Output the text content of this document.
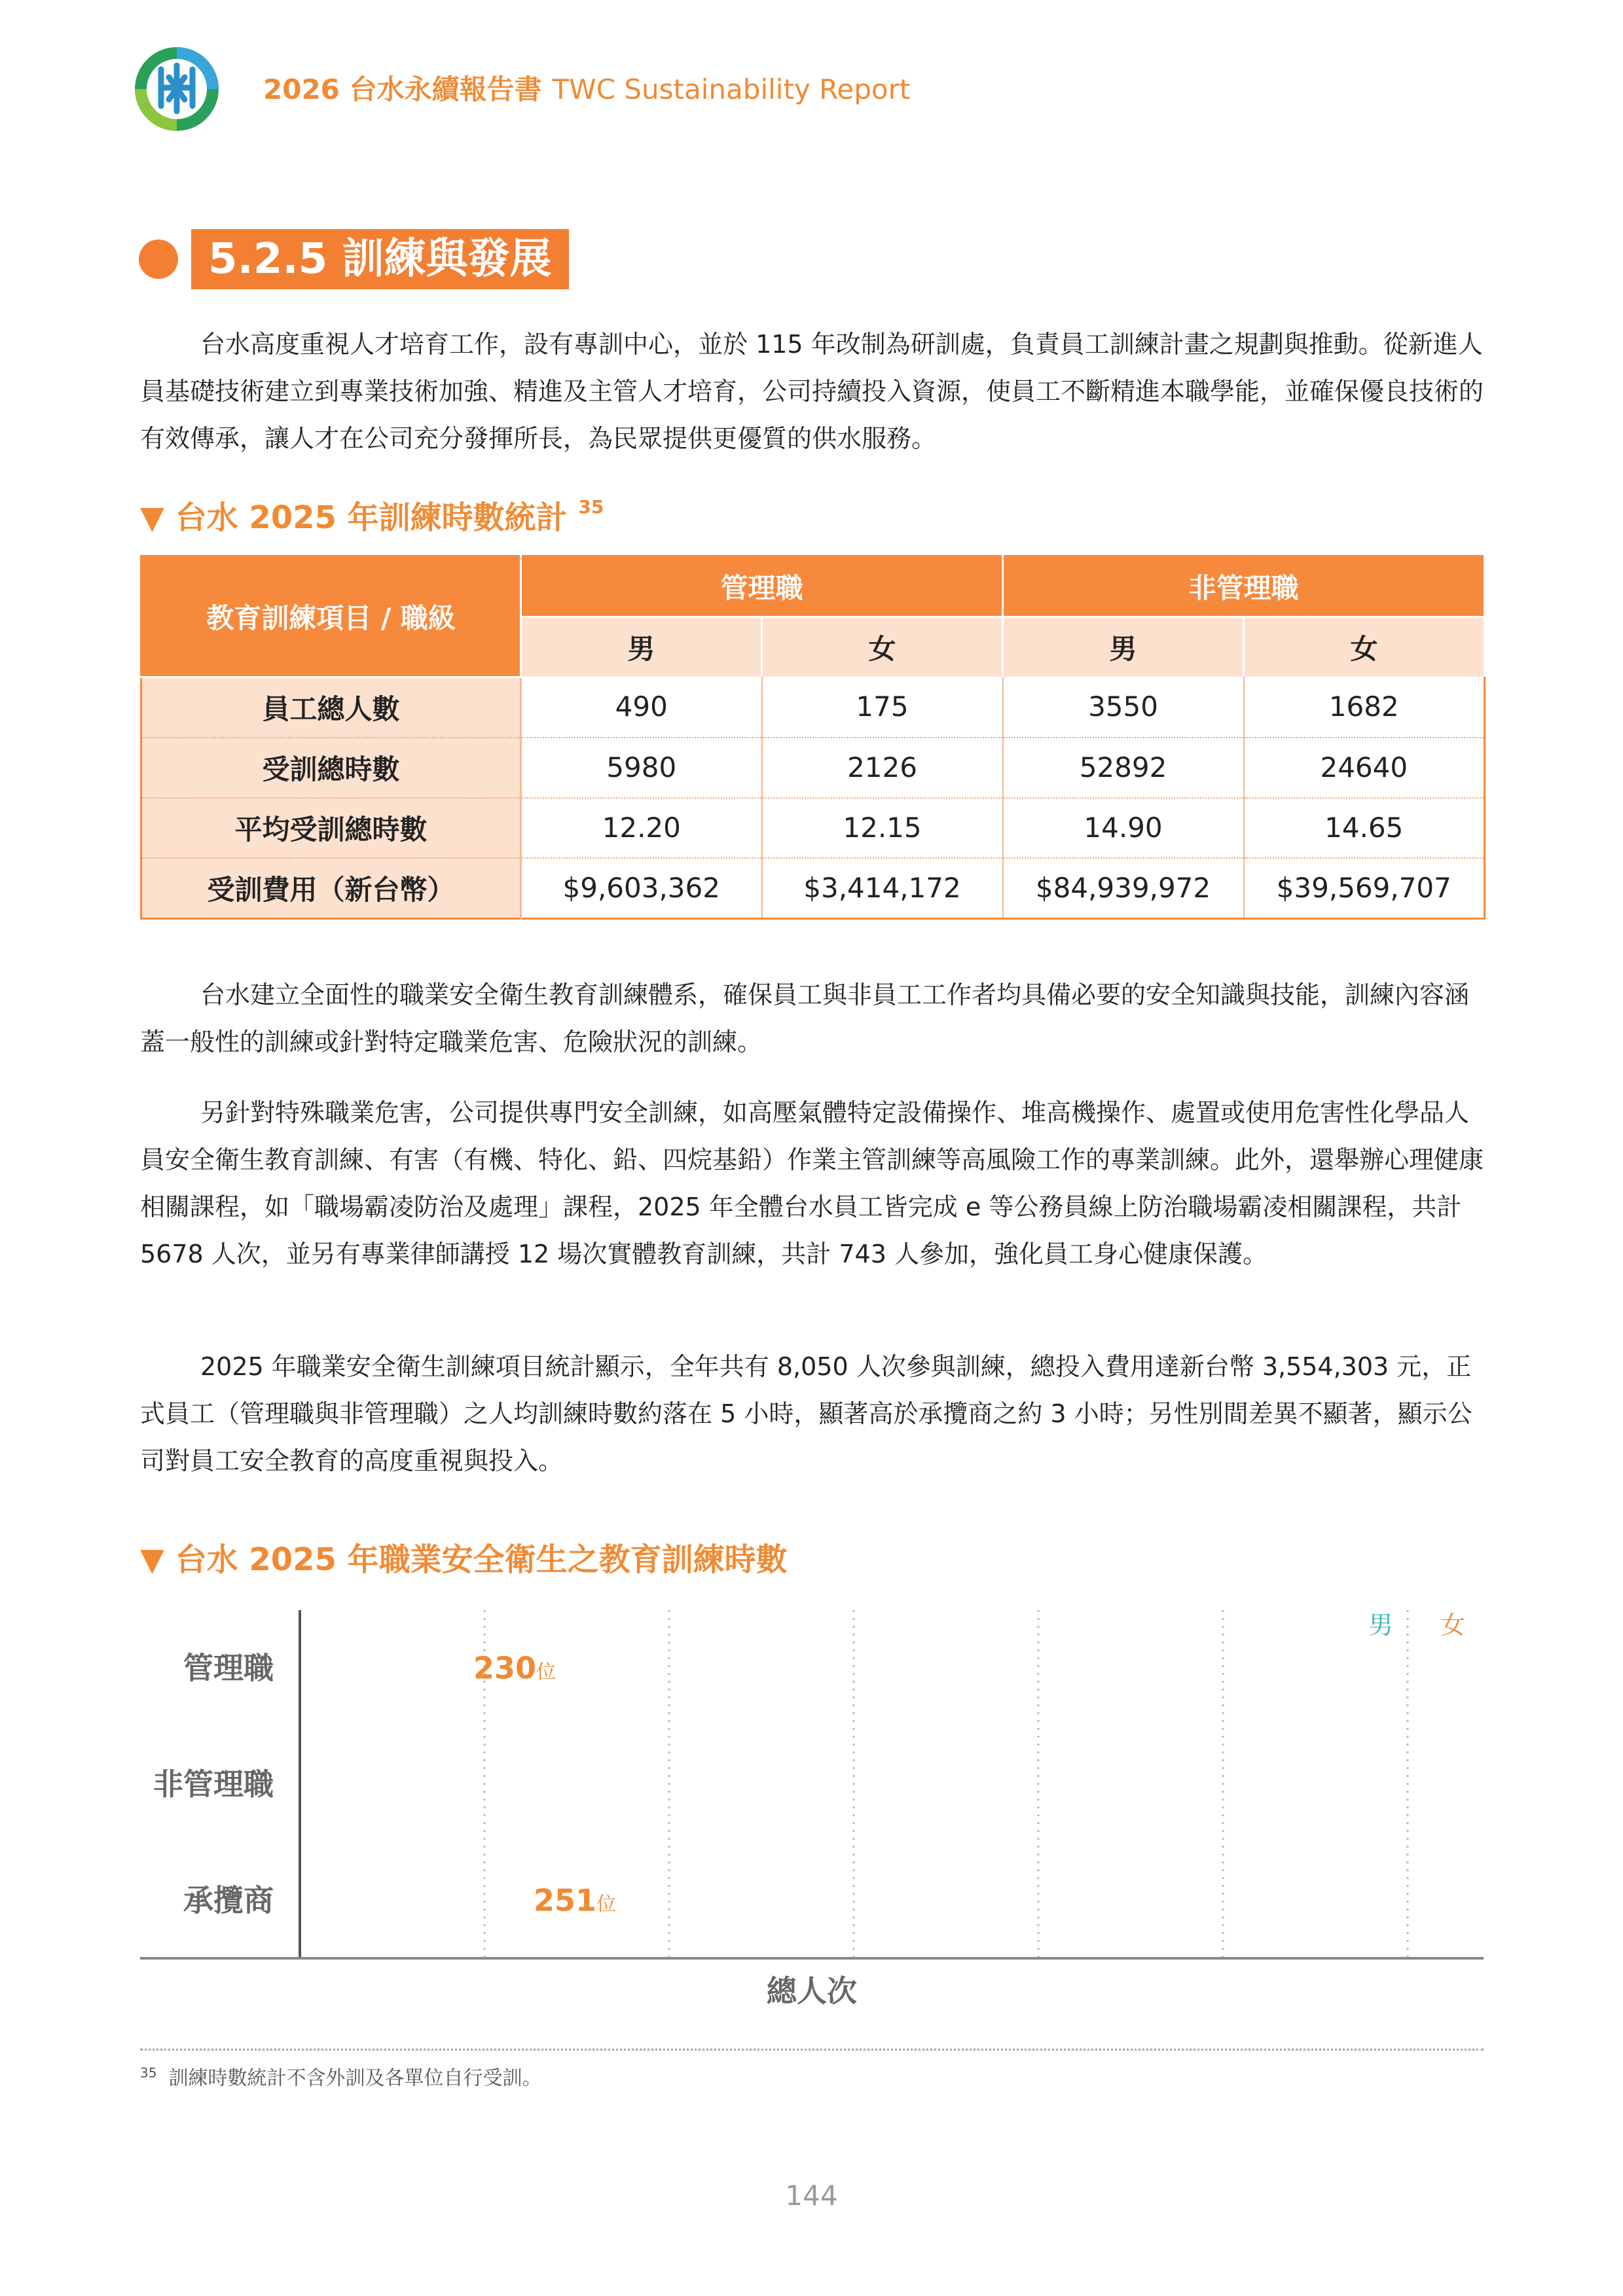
2026 台水永續報告書 TWC Sustainability Report
5.2.5 訓練與發展
台水高度重視人才培育工作，設有專訓中心，並於 115 年改制為研訓處，負責員工訓練計畫之規劃與推動。從新進人員基礎技術建立到專業技術加強、精進及主管人才培育，公司持續投入資源，使員工不斷精進本職學能，並確保優良技術的有效傳承，讓人才在公司充分發揮所長，為民眾提供更優質的供水服務。
▼ 台水 2025 年訓練時數統計 $^{35}$
教育訓練項目 / 職級	管理職		非管理職	
	男	女	男	女
員工總人數	490	175	3550	1682
受訓總時數	5980	2126	52892	24640
平均受訓總時數	12.20	12.15	14.90	14.65
受訓費用（新台幣）	$9,603,362	$3,414,172	$84,939,972	$39,569,707
台水建立全面性的職業安全衛生教育訓練體系，確保員工與非員工工作者均具備必要的安全知識與技能，訓練內容涵蓋一般性的訓練或針對特定職業危害、危險狀況的訓練。
另針對特殊職業危害，公司提供專門安全訓練，如高壓氣體特定設備操作、堆高機操作、處置或使用危害性化學品人員安全衛生教育訓練、有害（有機、特化、鉛、四烷基鉛）作業主管訓練等高風險工作的專業訓練。此外，還舉辦心理健康相關課程，如「職場霸凌防治及處理」課程，2025 年全體台水員工皆完成 e 等公務員線上防治職場霸凌相關課程，共計 5678 人次，並另有專業律師講授 12 場次實體教育訓練，共計 743 人參加，強化員工身心健康保護。
2025 年職業安全衛生訓練項目統計顯示，全年共有 8,050 人次參與訓練，總投入費用達新台幣 3,554,303 元，正式員工（管理職與非管理職）之人均訓練時數約落在 5 小時，顯著高於承攬商之約 3 小時；另性別間差異不顯著，顯示公司對員工安全教育的高度重視與投入。
▼ 台水 2025 年職業安全衛生之教育訓練時數
管理職
非管理職
承攬商
230位
251位
男 女
總人次
$^{35}$ 訓練時數統計不含外訓及各單位自行受訓。
144
